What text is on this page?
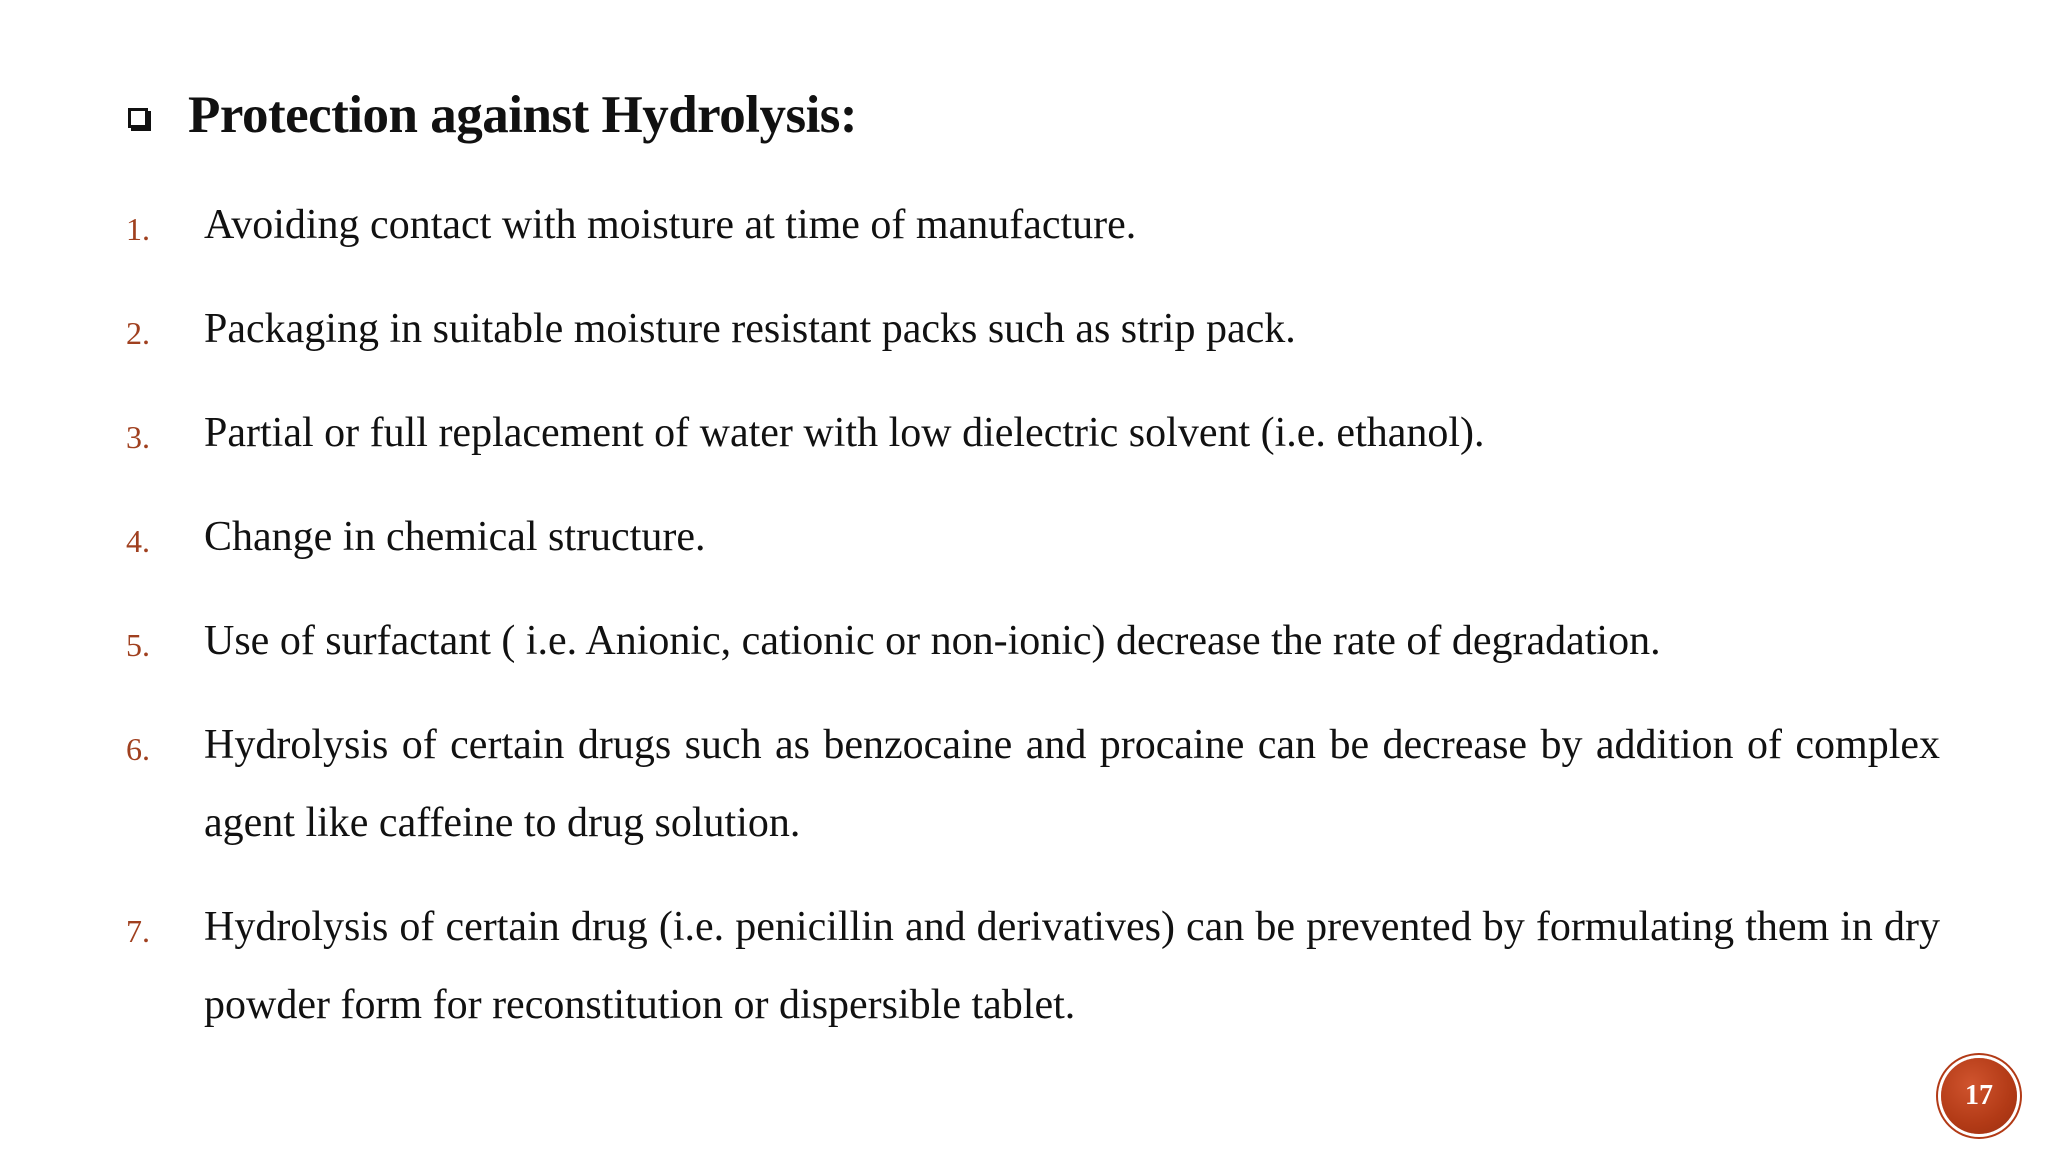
Protection against Hydrolysis:
1.	Avoiding contact with moisture at time of manufacture.
2.	Packaging in suitable moisture resistant packs such as strip pack.
3.	Partial or full replacement of water with low dielectric solvent (i.e. ethanol).
4.	Change in chemical structure.
5.	Use of surfactant ( i.e. Anionic, cationic or non-ionic) decrease the rate of degradation.
6.	Hydrolysis of certain drugs such as benzocaine and procaine can be decrease by addition of complex agent like caffeine to drug solution.
7.	Hydrolysis of certain drug (i.e. penicillin and derivatives) can be prevented by formulating them in dry powder form for reconstitution or dispersible tablet.
17
